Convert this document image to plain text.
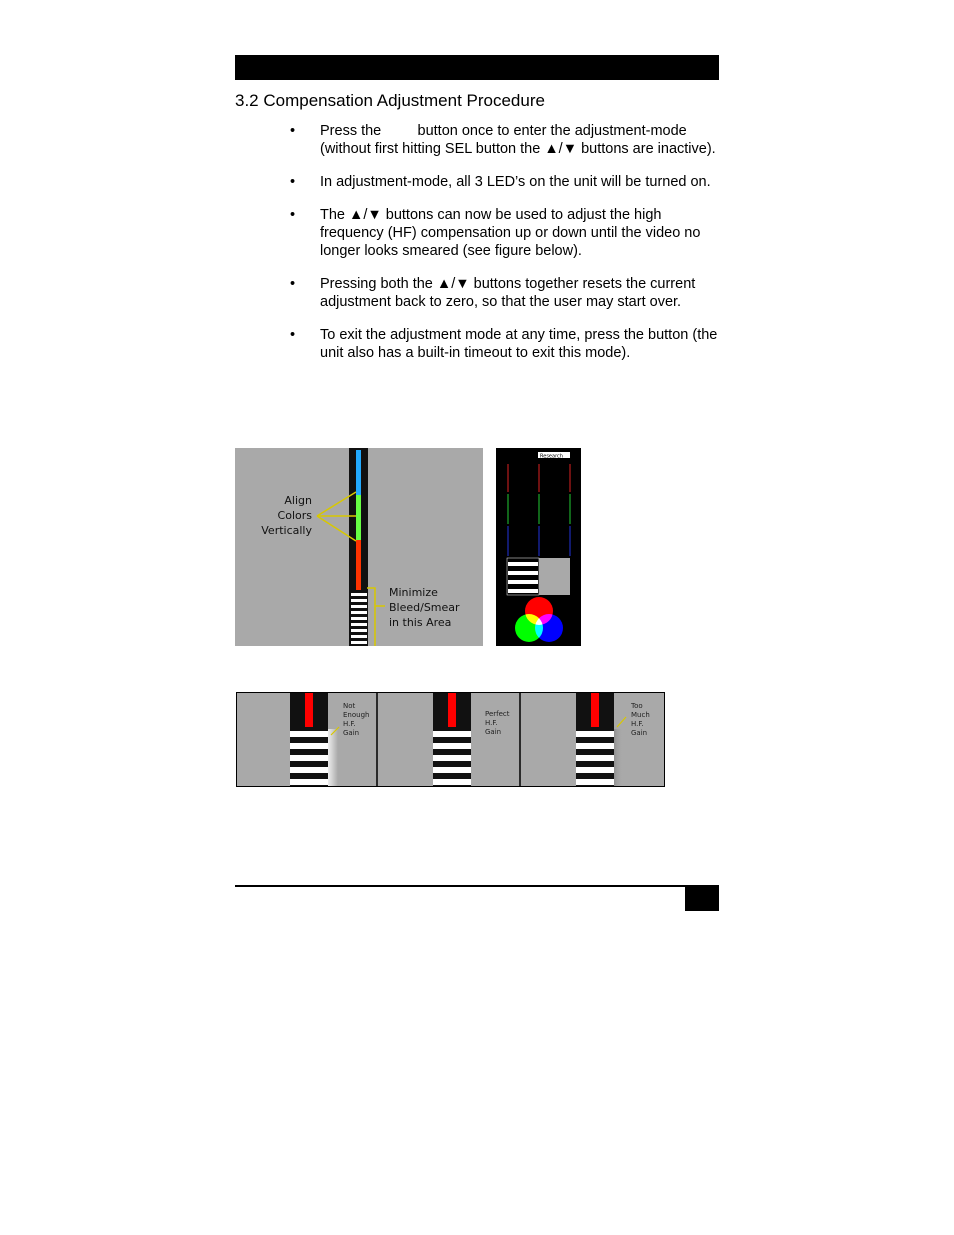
3.2 Compensation Adjustment Procedure
• Press the         button once to enter the adjustment-mode (without first hitting SEL button the ▲/▼ buttons are inactive).
• In adjustment-mode, all 3 LED’s on the unit will be turned on.
• The ▲/▼ buttons can now be used to adjust the high frequency (HF) compensation up or down until the video no longer looks smeared (see figure below).
• Pressing both the ▲/▼ buttons together resets the current adjustment back to zero, so that the user may start over.
• To exit the adjustment mode at any time, press the button (the unit also has a built-in timeout to exit this mode).
Align
Colors
Vertically
Minimize
Bleed/Smear
in this Area
Research
Not
Enough
H.F.
Gain
Perfect
H.F.
Gain
Too
Much
H.F.
Gain
